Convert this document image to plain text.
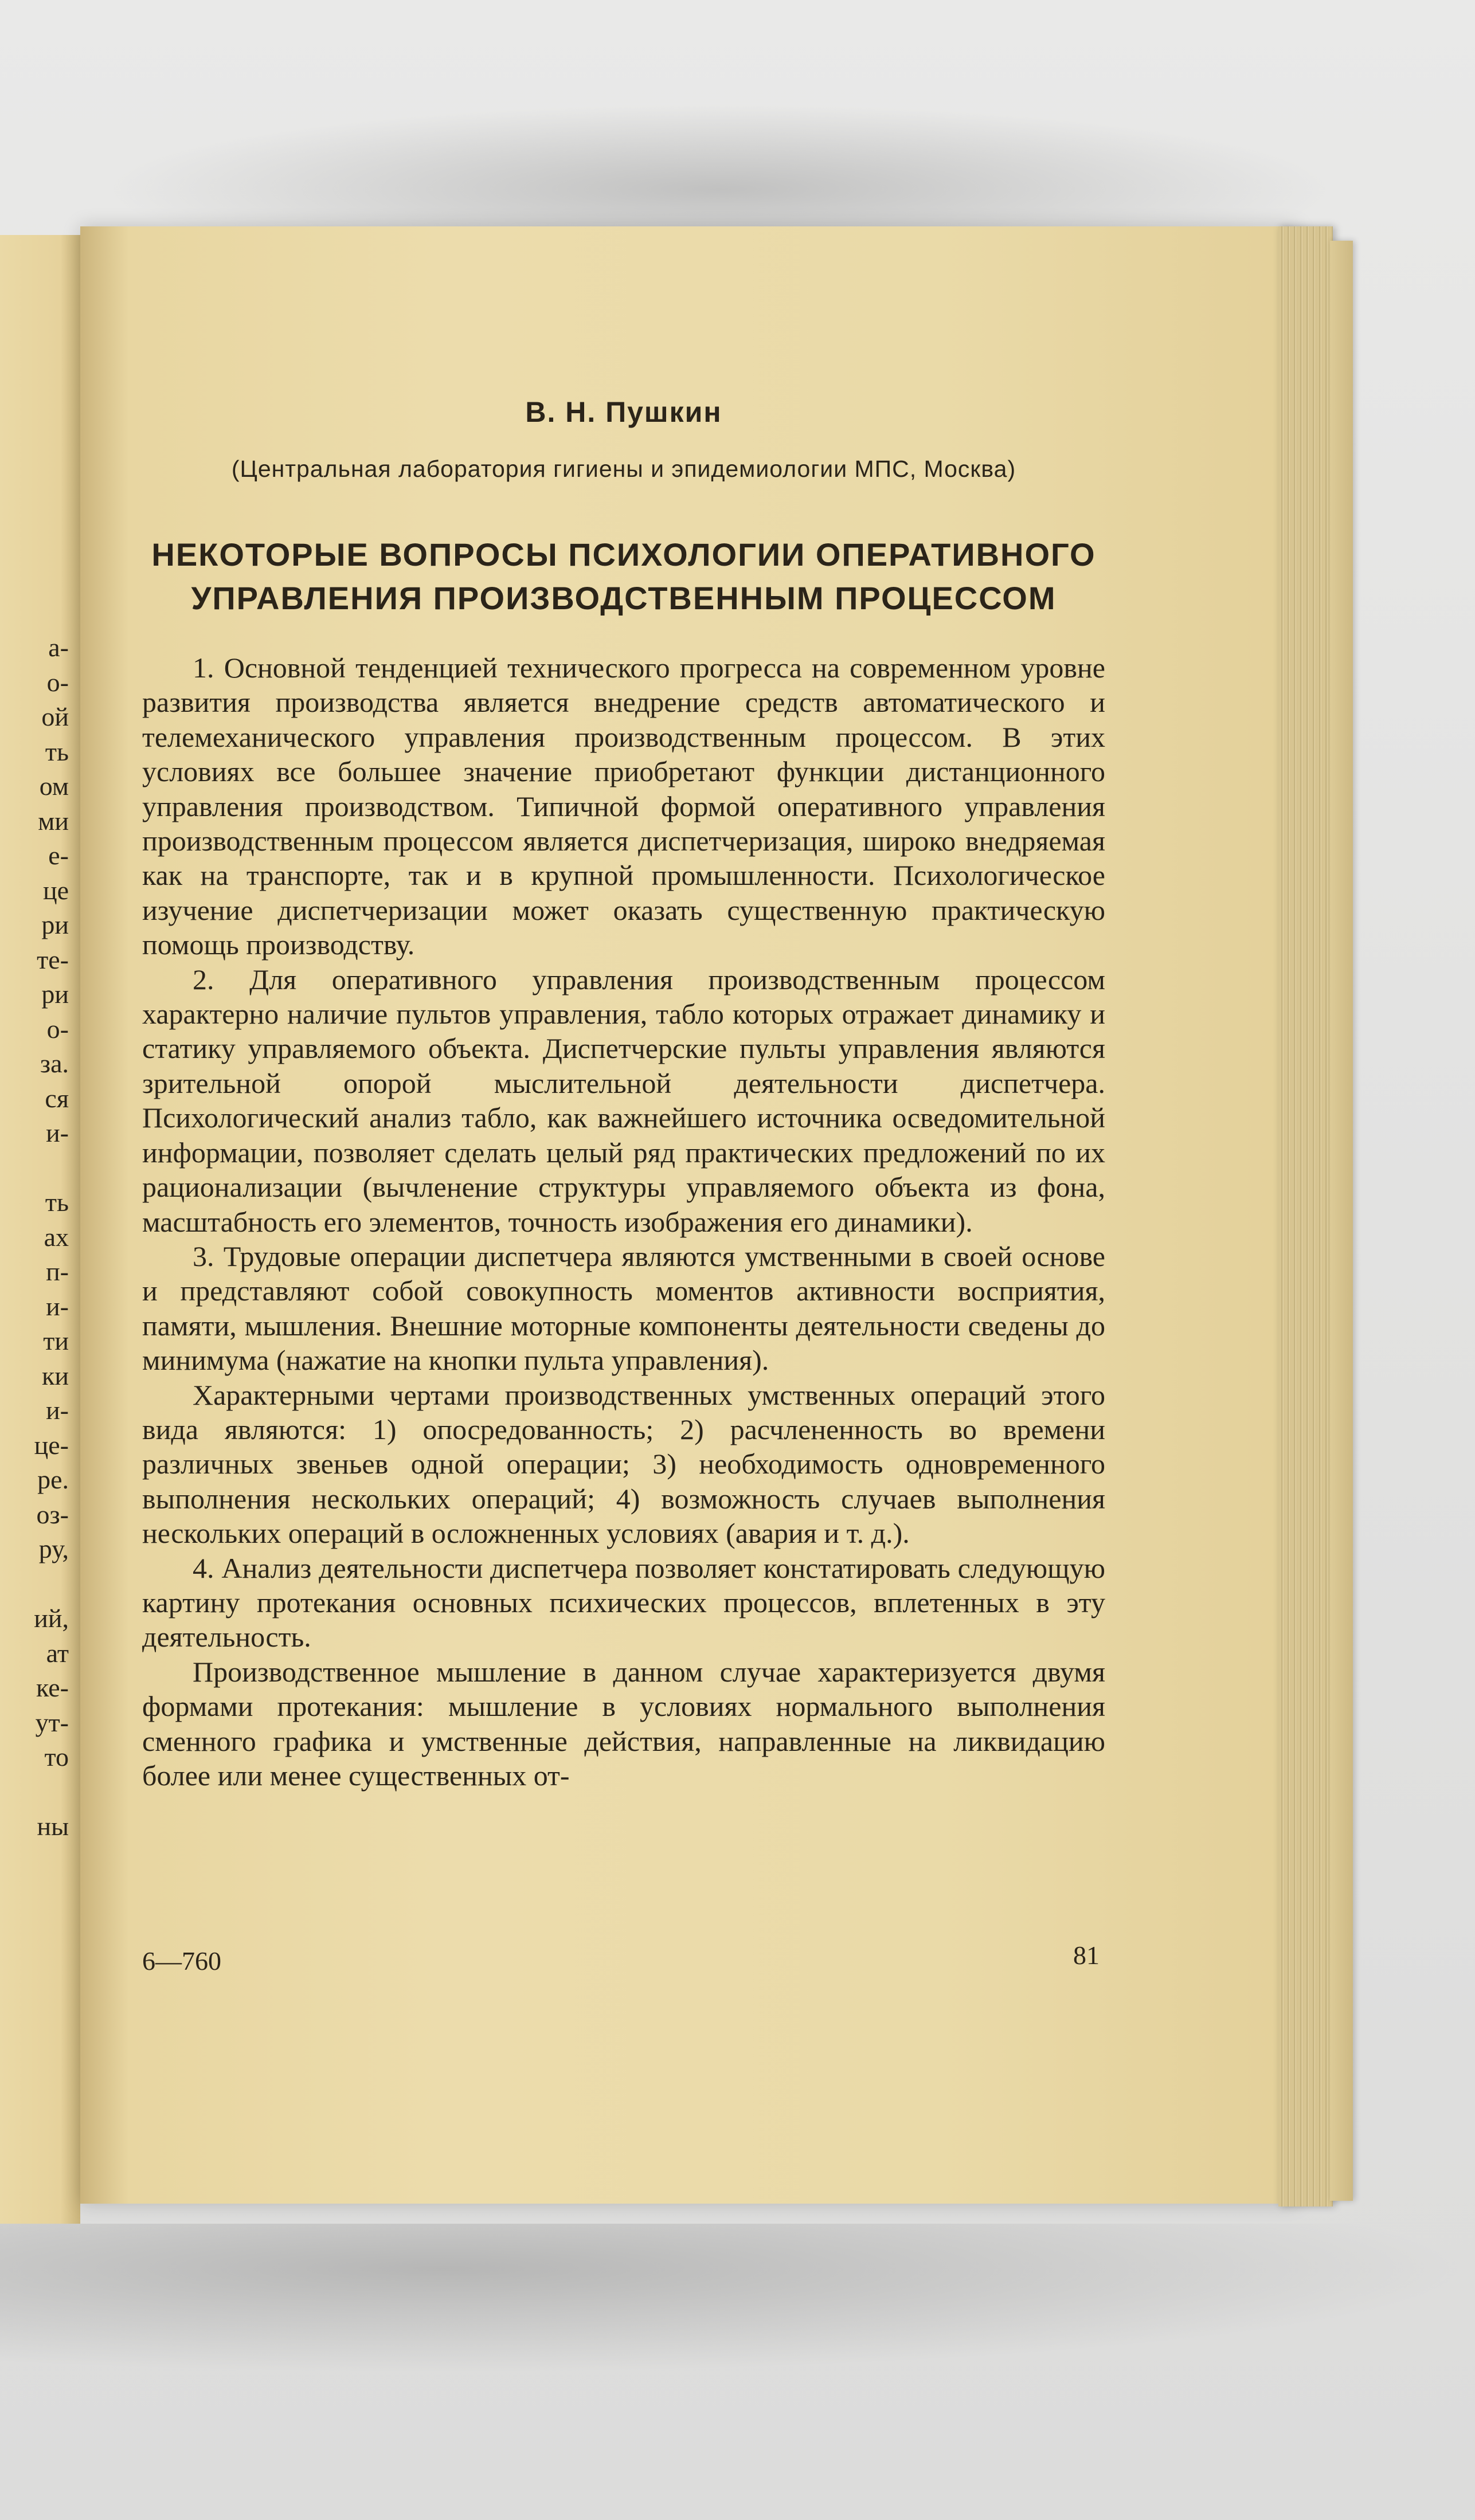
а-
о-
ой
ть
ом
ми
е-
це
ри
те-
ри
о-
за.
ся
и-
ть
ах
п-
и-
ти
ки
и-
це-
ре.
оз-
ру,
ий,
ат
ке-
ут-
то
ны
В. Н. Пушкин
(Центральная лаборатория гигиены и эпидемиологии МПС, Москва)
НЕКОТОРЫЕ ВОПРОСЫ ПСИХОЛОГИИ ОПЕРАТИВНОГО
УПРАВЛЕНИЯ ПРОИЗВОДСТВЕННЫМ ПРОЦЕССОМ

1. Основной тенденцией технического прогресса на современном уровне развития производства является внедрение средств автоматического и телемеханического управления производственным процессом. В этих условиях все большее значение приобретают функции дистанционного управления производством. Типичной формой оперативного управления производственным процессом является диспетчеризация, широко внедряемая как на транспорте, так и в крупной промышленности. Психологическое изучение диспетчеризации может оказать существенную практическую помощь производству.

2. Для оперативного управления производственным процессом характерно наличие пультов управления, табло которых отражает динамику и статику управляемого объекта. Диспетчерские пульты управления являются зрительной опорой мыслительной деятельности диспетчера. Психологический анализ табло, как важнейшего источника осведомительной информации, позволяет сделать целый ряд практических предложений по их рационализации (вычленение структуры управляемого объекта из фона, масштабность его элементов, точность изображения его динамики).

3. Трудовые операции диспетчера являются умственными в своей основе и представляют собой совокупность моментов активности восприятия, памяти, мышления. Внешние моторные компоненты деятельности сведены до минимума (нажатие на кнопки пульта управления).

Характерными чертами производственных умственных операций этого вида являются: 1) опосредованность; 2) расчлененность во времени различных звеньев одной операции; 3) необходимость одновременного выполнения нескольких операций; 4) возможность случаев выполнения нескольких операций в осложненных условиях (авария и т. д.).

4. Анализ деятельности диспетчера позволяет констатировать следующую картину протекания основных психических процессов, вплетенных в эту деятельность.

Производственное мышление в данном случае характеризуется двумя формами протекания: мышление в условиях нормального выполнения сменного графика и умственные действия, направленные на ликвидацию более или менее существенных от-

6—760	81
